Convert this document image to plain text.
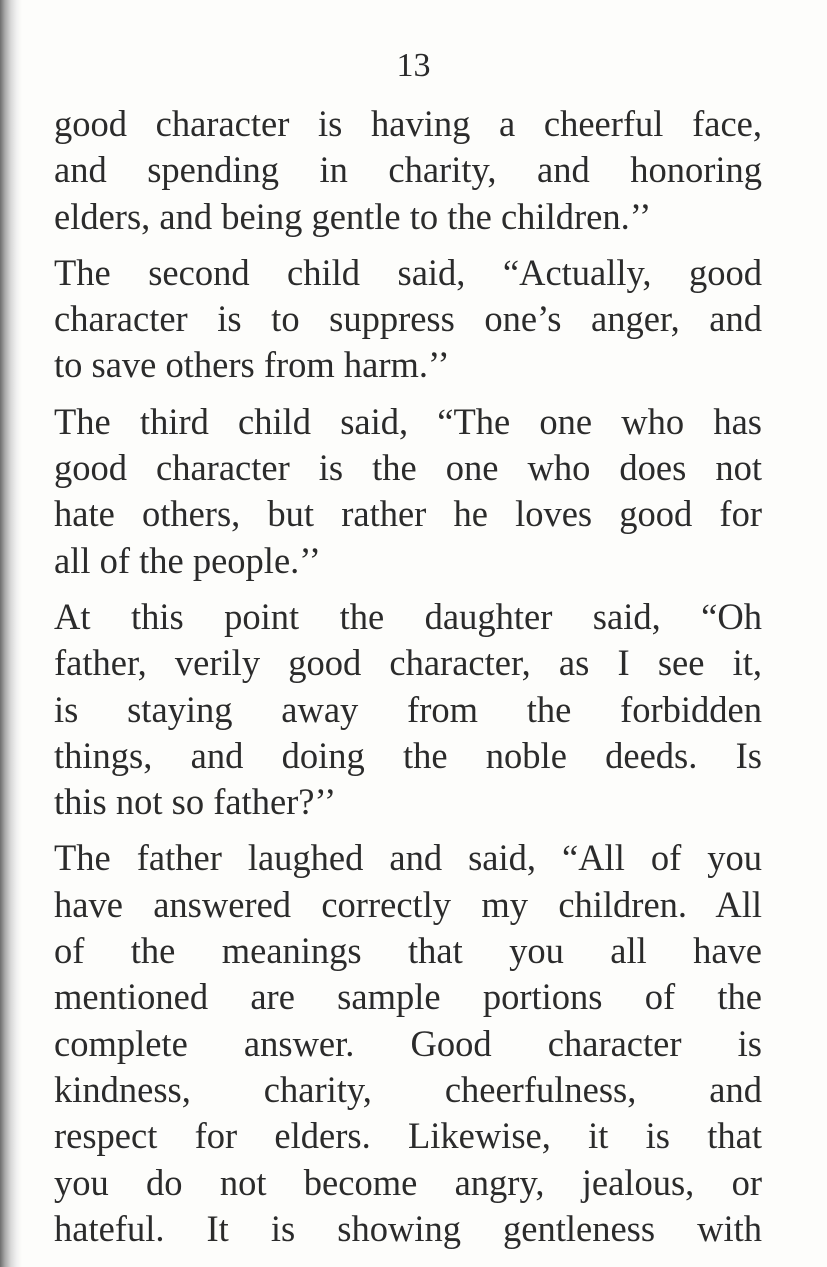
13
good character is having a cheerful face,
and spending in charity, and honoring
elders, and being gentle to the children.’’
The second child said, “Actually, good
character is to suppress one’s anger, and
to save others from harm.’’
The third child said, “The one who has
good character is the one who does not
hate others, but rather he loves good for
all of the people.’’
At this point the daughter said, “Oh
father, verily good character, as I see it,
is staying away from the forbidden
things, and doing the noble deeds. Is
this not so father?’’
The father laughed and said, “All of you
have answered correctly my children. All
of the meanings that you all have
mentioned are sample portions of the
complete answer. Good character is
kindness, charity, cheerfulness, and
respect for elders. Likewise, it is that
you do not become angry, jealous, or
hateful. It is showing gentleness with
